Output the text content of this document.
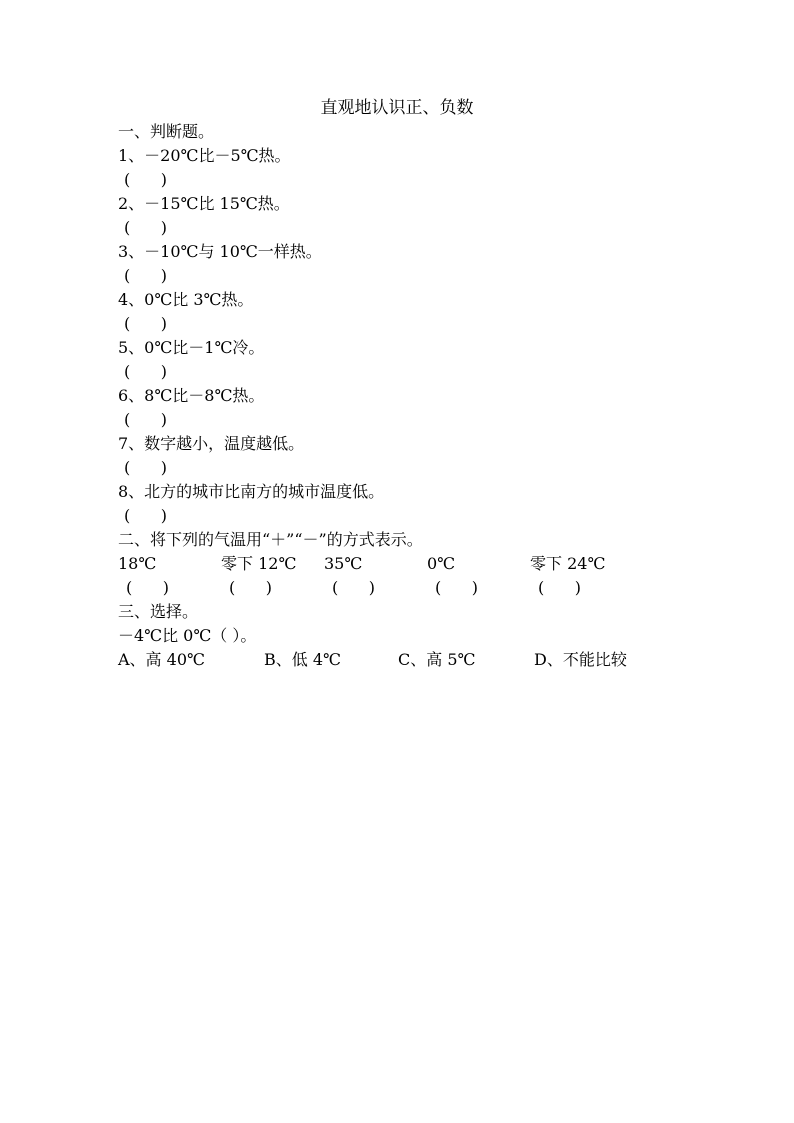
直观地认识正、负数
一、判断题。
1、－20℃比－5℃热。
(      )
2、－15℃比 15℃热。
(      )
3、－10℃与 10℃一样热。
(      )
4、0℃比 3℃热。
(      )
5、0℃比－1℃冷。
(      )
6、8℃比－8℃热。
(      )
7、数字越小，温度越低。
(      )
8、北方的城市比南方的城市温度低。
(      )
二、将下列的气温用“＋”“－”的方式表示。
18℃	零下 12℃	35℃	0℃	零下 24℃
(      )	(      )	(      )	(      )	(      )
三、选择。
－4℃比 0℃（ ）。
A、高 40℃	B、低 4℃	C、高 5℃	D、不能比较
